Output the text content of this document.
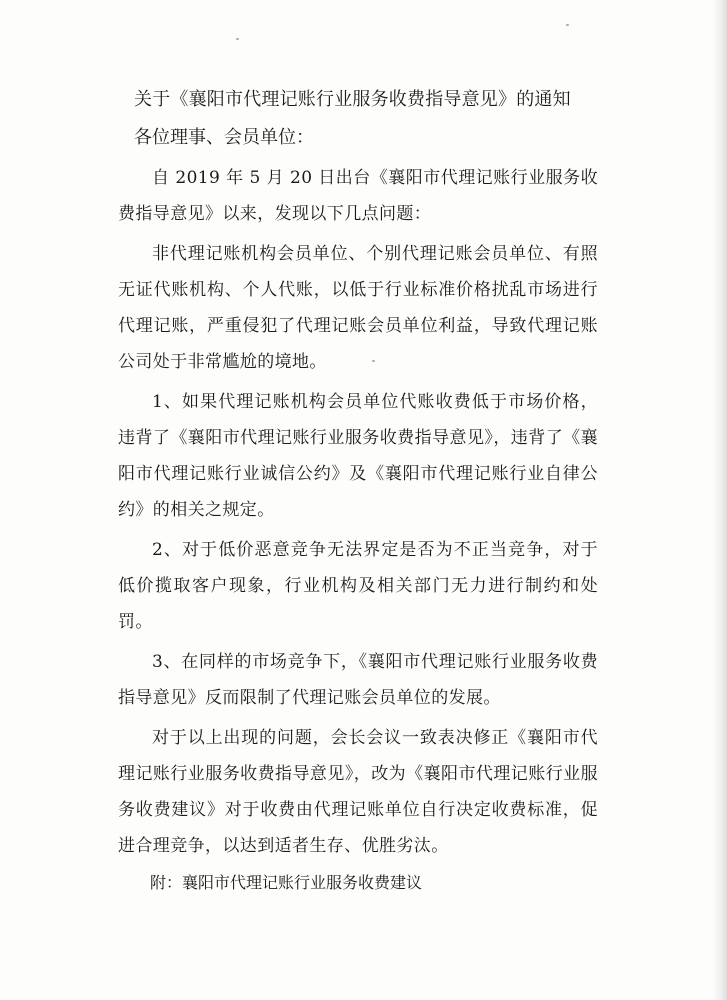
关于《襄阳市代理记账行业服务收费指导意见》的通知
各位理事、会员单位：

自 2019 年 5 月 20 日出台《襄阳市代理记账行业服务收费指导意见》以来，发现以下几点问题：

非代理记账机构会员单位、个别代理记账会员单位、有照无证代账机构、个人代账，以低于行业标准价格扰乱市场进行代理记账，严重侵犯了代理记账会员单位利益，导致代理记账公司处于非常尴尬的境地。

1、如果代理记账机构会员单位代账收费低于市场价格，违背了《襄阳市代理记账行业服务收费指导意见》，违背了《襄阳市代理记账行业诚信公约》及《襄阳市代理记账行业自律公约》的相关之规定。

2、对于低价恶意竞争无法界定是否为不正当竞争，对于低价揽取客户现象，行业机构及相关部门无力进行制约和处罚。

3、在同样的市场竞争下，《襄阳市代理记账行业服务收费指导意见》反而限制了代理记账会员单位的发展。

对于以上出现的问题，会长会议一致表决修正《襄阳市代理记账行业服务收费指导意见》，改为《襄阳市代理记账行业服务收费建议》对于收费由代理记账单位自行决定收费标准，促进合理竞争，以达到适者生存、优胜劣汰。

附：襄阳市代理记账行业服务收费建议
